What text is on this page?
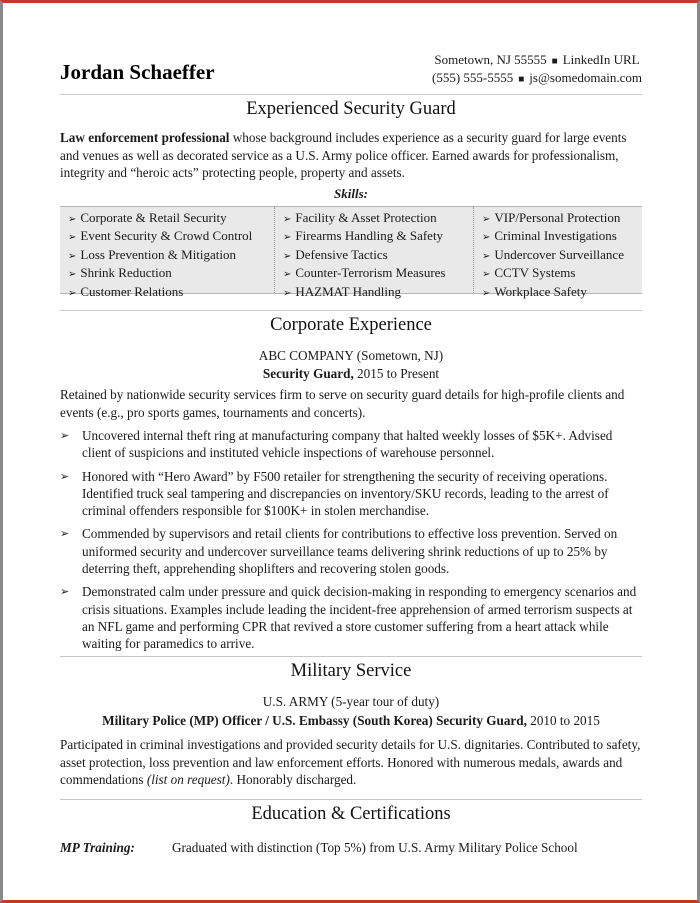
Jordan Schaeffer
Sometown, NJ 55555 ■ LinkedIn URL
(555) 555-5555 ■ js@somedomain.com
Experienced Security Guard
Law enforcement professional whose background includes experience as a security guard for large events and venues as well as decorated service as a U.S. Army police officer. Earned awards for professionalism, integrity and “heroic acts” protecting people, property and assets.
Skills:
➢ Corporate & Retail Security
➢ Event Security & Crowd Control
➢ Loss Prevention & Mitigation
➢ Shrink Reduction
➢ Customer Relations
➢ Facility & Asset Protection
➢ Firearms Handling & Safety
➢ Defensive Tactics
➢ Counter-Terrorism Measures
➢ HAZMAT Handling
➢ VIP/Personal Protection
➢ Criminal Investigations
➢ Undercover Surveillance
➢ CCTV Systems
➢ Workplace Safety
Corporate Experience
ABC COMPANY (Sometown, NJ)
Security Guard, 2015 to Present
Retained by nationwide security services firm to serve on security guard details for high-profile clients and events (e.g., pro sports games, tournaments and concerts).
➢ Uncovered internal theft ring at manufacturing company that halted weekly losses of $5K+. Advised client of suspicions and instituted vehicle inspections of warehouse personnel.
➢ Honored with “Hero Award” by F500 retailer for strengthening the security of receiving operations. Identified truck seal tampering and discrepancies on inventory/SKU records, leading to the arrest of criminal offenders responsible for $100K+ in stolen merchandise.
➢ Commended by supervisors and retail clients for contributions to effective loss prevention. Served on uniformed security and undercover surveillance teams delivering shrink reductions of up to 25% by deterring theft, apprehending shoplifters and recovering stolen goods.
➢ Demonstrated calm under pressure and quick decision-making in responding to emergency scenarios and crisis situations. Examples include leading the incident-free apprehension of armed terrorism suspects at an NFL game and performing CPR that revived a store customer suffering from a heart attack while waiting for paramedics to arrive.
Military Service
U.S. ARMY (5-year tour of duty)
Military Police (MP) Officer / U.S. Embassy (South Korea) Security Guard, 2010 to 2015
Participated in criminal investigations and provided security details for U.S. dignitaries. Contributed to safety, asset protection, loss prevention and law enforcement efforts. Honored with numerous medals, awards and commendations (list on request). Honorably discharged.
Education & Certifications
MP Training:	Graduated with distinction (Top 5%) from U.S. Army Military Police School
